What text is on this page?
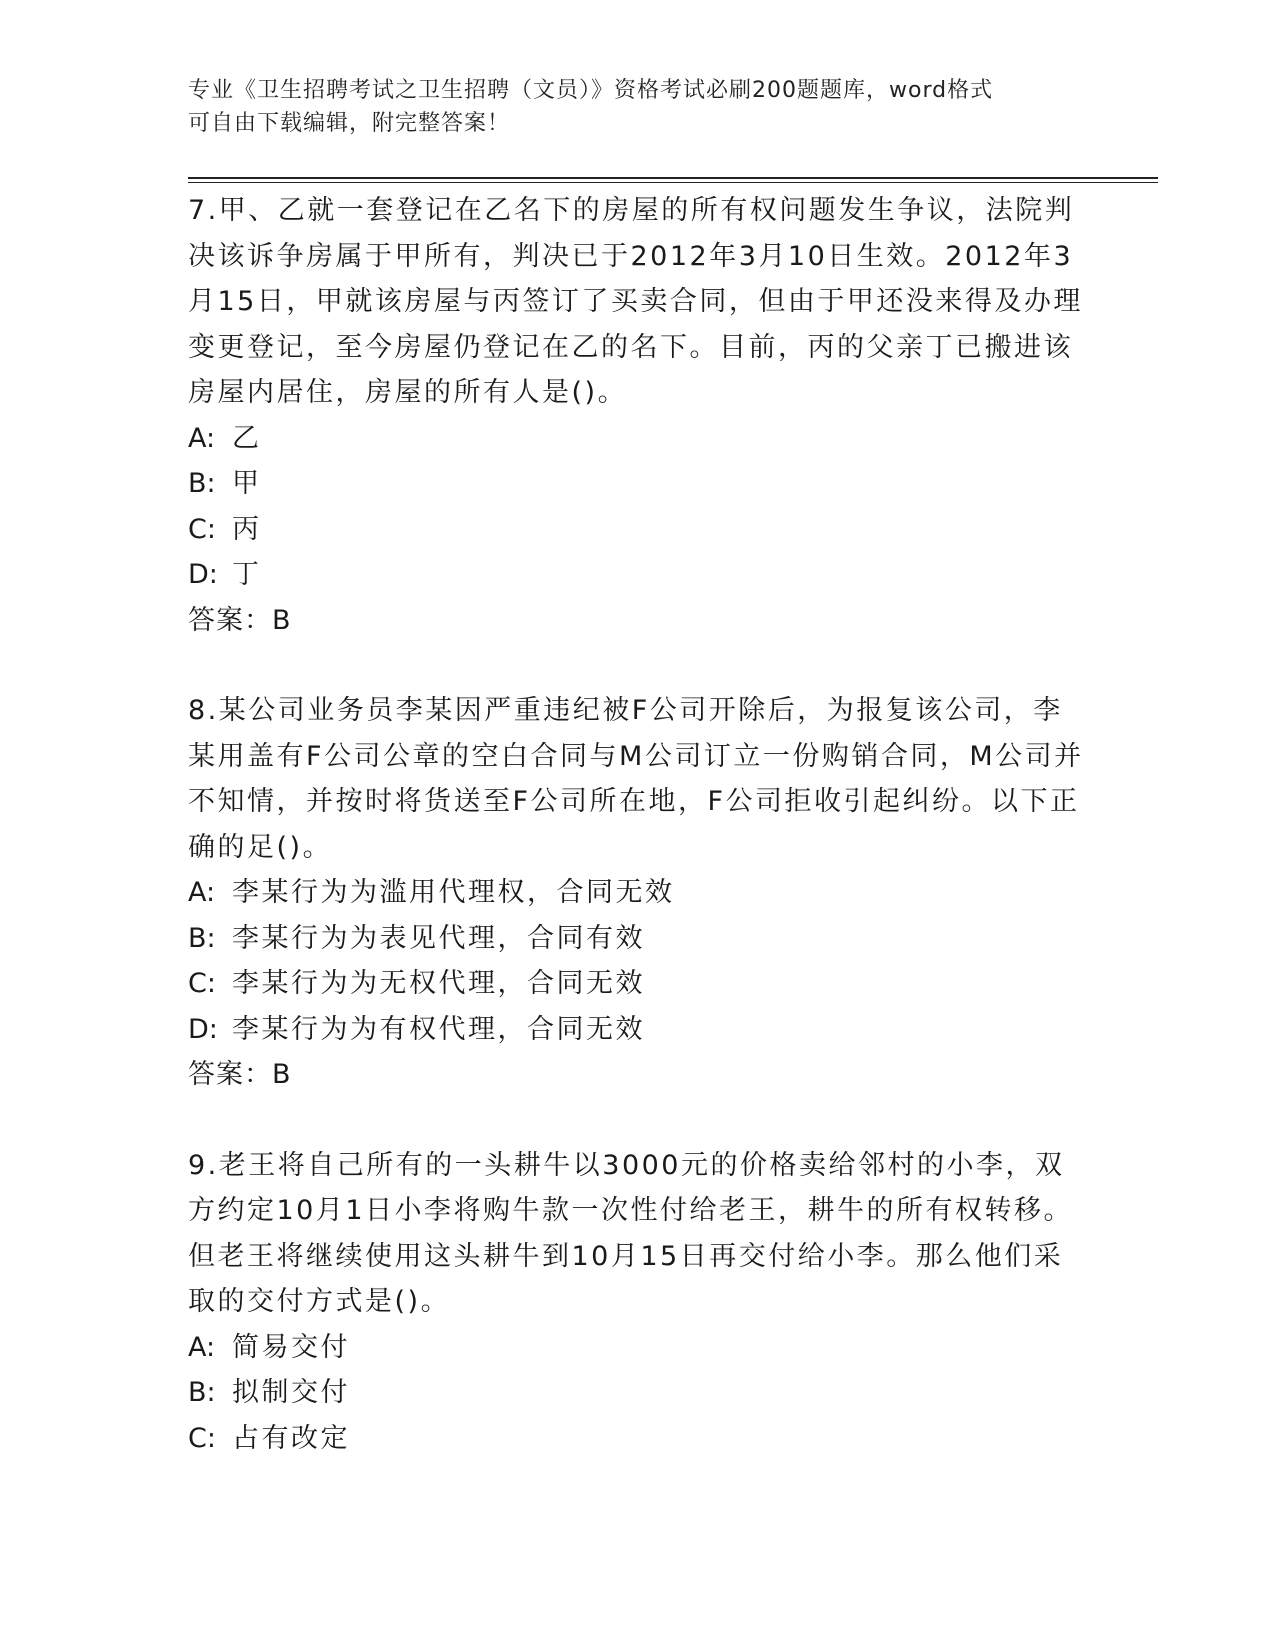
专业《卫生招聘考试之卫生招聘（文员）》资格考试必刷200题题库，word格式
可自由下载编辑，附完整答案！

7.甲、乙就一套登记在乙名下的房屋的所有权问题发生争议，法院判决该诉争房属于甲所有，判决已于2012年3月10日生效。2012年3月15日，甲就该房屋与丙签订了买卖合同，但由于甲还没来得及办理变更登记，至今房屋仍登记在乙的名下。目前，丙的父亲丁已搬进该房屋内居住，房屋的所有人是()。

A: 乙

B: 甲

C: 丙

D: 丁

答案：B

8.某公司业务员李某因严重违纪被F公司开除后，为报复该公司，李某用盖有F公司公章的空白合同与M公司订立一份购销合同，M公司并不知情，并按时将货送至F公司所在地，F公司拒收引起纠纷。以下正确的足()。

A: 李某行为为滥用代理权，合同无效

B: 李某行为为表见代理，合同有效

C: 李某行为为无权代理，合同无效

D: 李某行为为有权代理，合同无效

答案：B

9.老王将自己所有的一头耕牛以3000元的价格卖给邻村的小李，双方约定10月1日小李将购牛款一次性付给老王，耕牛的所有权转移。但老王将继续使用这头耕牛到10月15日再交付给小李。那么他们采取的交付方式是()。

A: 简易交付

B: 拟制交付

C: 占有改定
